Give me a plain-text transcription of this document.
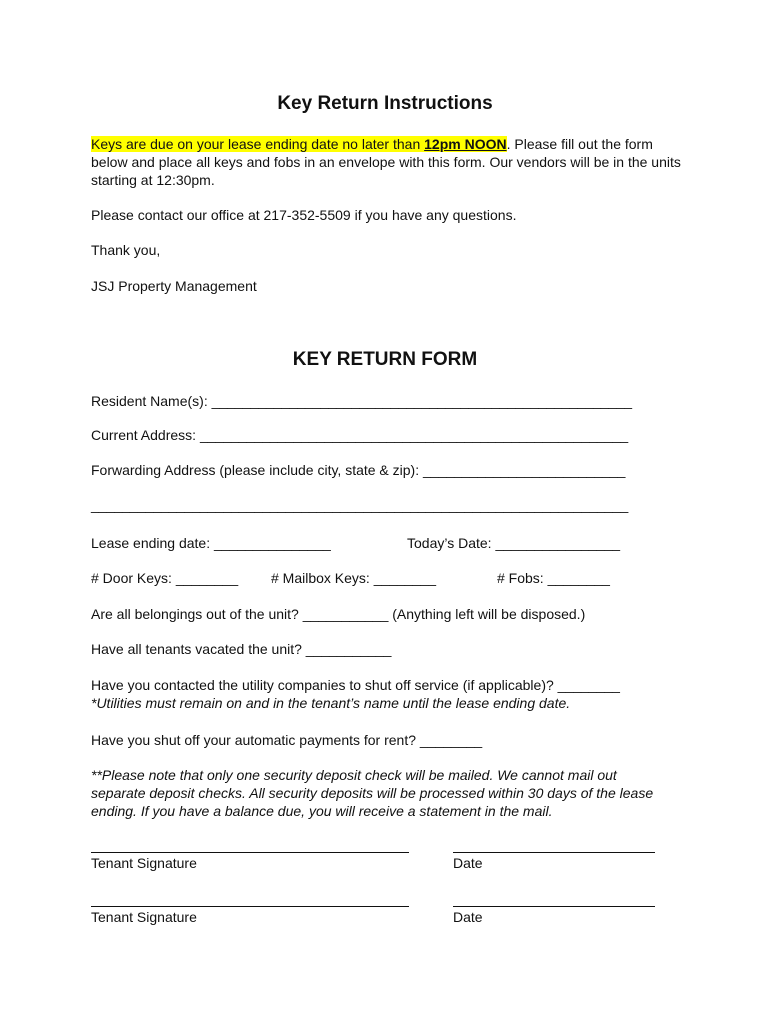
Key Return Instructions
Keys are due on your lease ending date no later than 12pm NOON. Please fill out the form below and place all keys and fobs in an envelope with this form. Our vendors will be in the units starting at 12:30pm.
Please contact our office at 217-352-5509 if you have any questions.
Thank you,
JSJ Property Management
KEY RETURN FORM
Resident Name(s): ______________________________________________________
Current Address: _______________________________________________________
Forwarding Address (please include city, state & zip): __________________________
_____________________________________________________________________
Lease ending date: _______________	Today’s Date: ________________
# Door Keys: ________ # Mailbox Keys: ________	# Fobs: ________
Are all belongings out of the unit? ___________ (Anything left will be disposed.)
Have all tenants vacated the unit? ___________
Have you contacted the utility companies to shut off service (if applicable)? ________
*Utilities must remain on and in the tenant’s name until the lease ending date.
Have you shut off your automatic payments for rent? ________
**Please note that only one security deposit check will be mailed. We cannot mail out separate deposit checks. All security deposits will be processed within 30 days of the lease ending. If you have a balance due, you will receive a statement in the mail.
Tenant Signature	Date
Tenant Signature	Date
